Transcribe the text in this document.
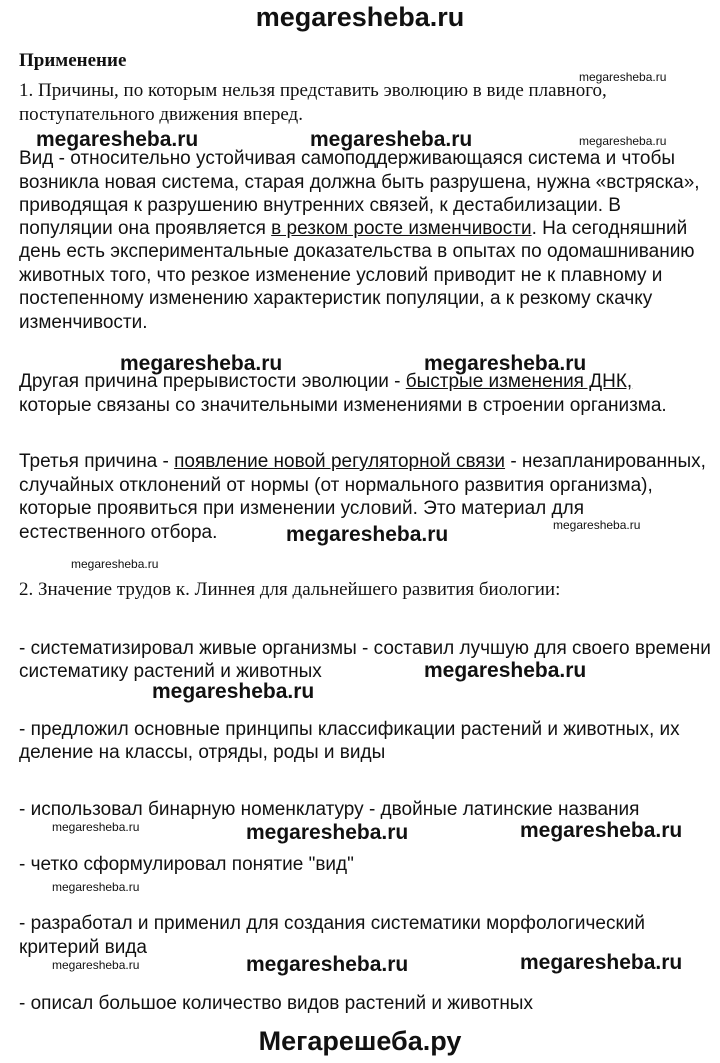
megaresheba.ru
Применение
megaresheba.ru
1. Причины, по которым нельзя представить эволюцию в виде плавного,
поступательного движения вперед.
megaresheba.ru	megaresheba.ru	megaresheba.ru
Вид - относительно устойчивая самоподдерживающаяся система и чтобы
возникла новая система, старая должна быть разрушена, нужна «встряска»,
приводящая к разрушению внутренних связей, к дестабилизации. В
популяции она проявляется в резком росте изменчивости. На сегодняшний
день есть экспериментальные доказательства в опытах по одомашниванию
животных того, что резкое изменение условий приводит не к плавному и
постепенному изменению характеристик популяции, а к резкому скачку
изменчивости.
megaresheba.ru	megaresheba.ru
Другая причина прерывистости эволюции - быстрые изменения ДНК,
которые связаны со значительными изменениями в строении организма.
Третья причина - появление новой регуляторной связи - незапланированных,
случайных отклонений от нормы (от нормального развития организма),
которые проявиться при изменении условий. Это материал для
megaresheba.ru
естественного отбора.	megaresheba.ru
megaresheba.ru
2. Значение трудов к. Линнея для дальнейшего развития биологии:
- систематизировал живые организмы - составил лучшую для своего времени
систематику растений и животных	megaresheba.ru
megaresheba.ru
- предложил основные принципы классификации растений и животных, их
деление на классы, отряды, роды и виды
- использовал бинарную номенклатуру - двойные латинские названия
megaresheba.ru	megaresheba.ru	megaresheba.ru
- четко сформулировал понятие "вид"
megaresheba.ru
- разработал и применил для создания систематики морфологический
критерий вида
megaresheba.ru	megaresheba.ru	megaresheba.ru
- описал большое количество видов растений и животных
Мегарешеба.ру
